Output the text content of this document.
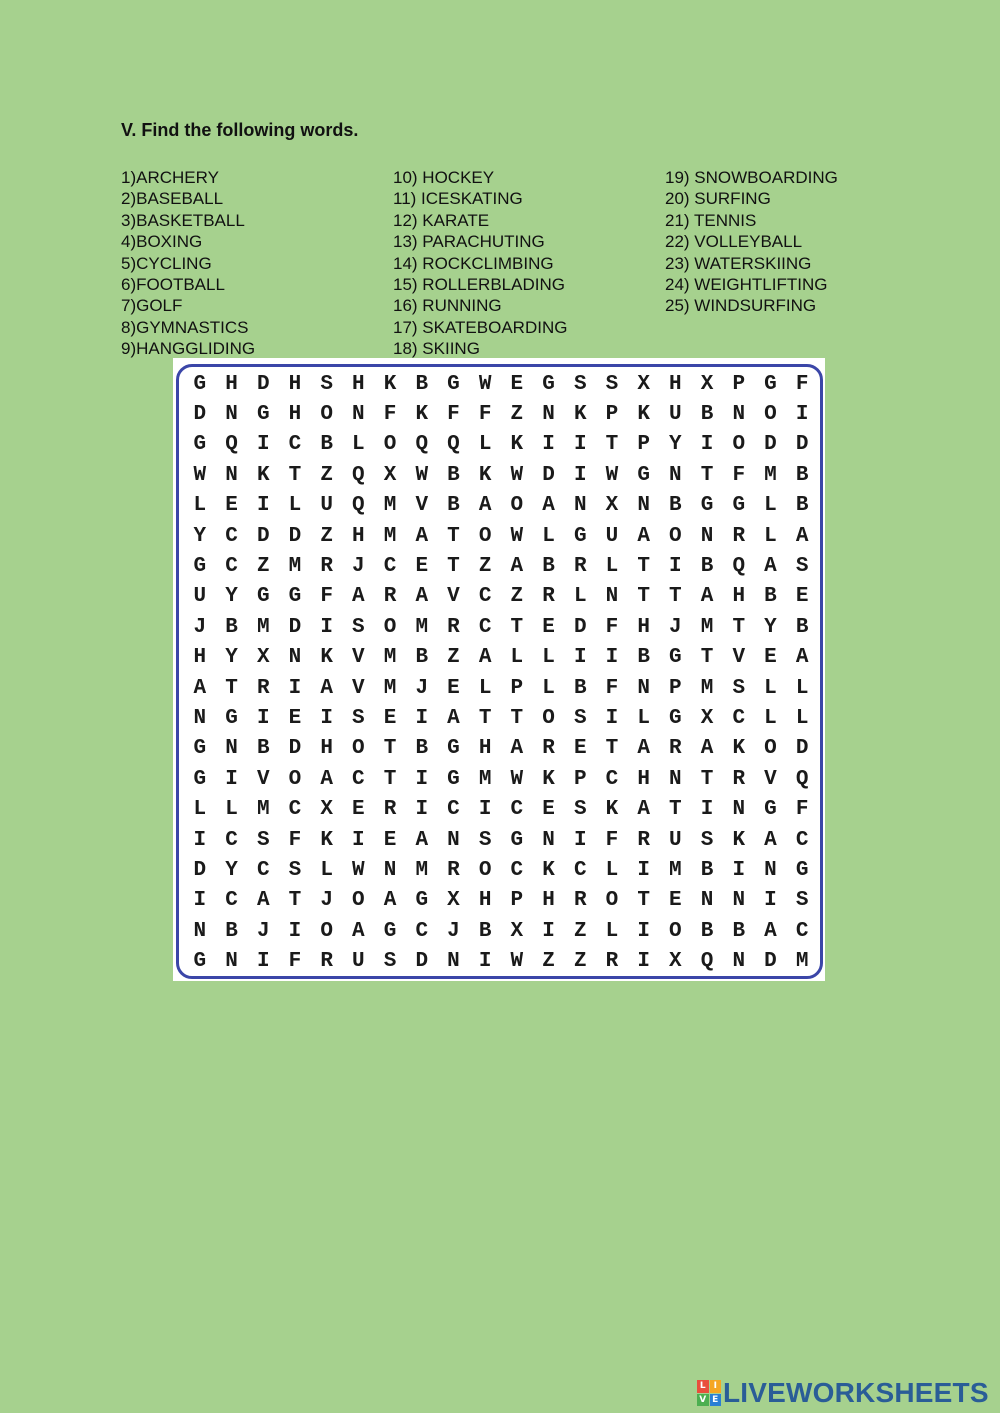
V. Find the following words.
1)ARCHERY
2)BASEBALL
3)BASKETBALL
4)BOXING
5)CYCLING
6)FOOTBALL
7)GOLF
8)GYMNASTICS
9)HANGGLIDING
10) HOCKEY
11) ICESKATING
12) KARATE
13) PARACHUTING
14) ROCKCLIMBING
15) ROLLERBLADING
16) RUNNING
17) SKATEBOARDING
18) SKIING
19) SNOWBOARDING
20) SURFING
21) TENNIS
22) VOLLEYBALL
23) WATERSKIING
24) WEIGHTLIFTING
25) WINDSURFING
G H D H S H K B G W E G S S X H X P G F
D N G H O N F K F F Z N K P K U B N O I
G Q I C B L O Q Q L K I I T P Y I O D D
W N K T Z Q X W B K W D I W G N T F M B
L E I L U Q M V B A O A N X N B G G L B
Y C D D Z H M A T O W L G U A O N R L A
G C Z M R J C E T Z A B R L T I B Q A S
U Y G G F A R A V C Z R L N T T A H B E
J B M D I S O M R C T E D F H J M T Y B
H Y X N K V M B Z A L L I I B G T V E A
A T R I A V M J E L P L B F N P M S L L
N G I E I S E I A T T O S I L G X C L L
G N B D H O T B G H A R E T A R A K O D
G I V O A C T I G M W K P C H N T R V Q
L L M C X E R I C I C E S K A T I N G F
I C S F K I E A N S G N I F R U S K A C
D Y C S L W N M R O C K C L I M B I N G
I C A T J O A G X H P H R O T E N N I S
N B J I O A G C J B X I Z L I O B B A C
G N I F R U S D N I W Z Z R I X Q N D M
L I
V E LIVEWORKSHEETS
